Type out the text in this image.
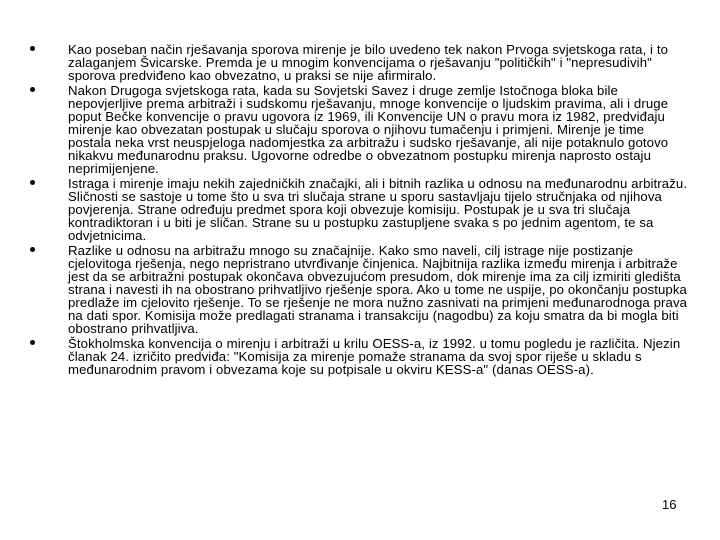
Kao poseban način rješavanja sporova mirenje je bilo uvedeno tek nakon Prvoga svjetskoga rata, i to zalaganjem Švicarske. Premda je u mnogim konvencijama o rješavanju "političkih" i "nepresudivih" sporova predviđeno kao obvezatno, u praksi se nije afirmiralo.
Nakon Drugoga svjetskoga rata, kada su Sovjetski Savez i druge zemlje Istočnoga bloka bile nepovjerljive prema arbitraži i sudskomu rješavanju, mnoge konvencije o ljudskim pravima, ali i druge poput Bečke konvencije o pravu ugovora iz 1969, ili Konvencije UN o pravu mora iz 1982, predviđaju mirenje kao obvezatan postupak u slučaju sporova o njihovu tumačenju i primjeni. Mirenje je time postala neka vrst neuspjeloga nadomjestka za arbitražu i sudsko rješavanje, ali nije potaknulo gotovo nikakvu međunarodnu praksu. Ugovorne odredbe o obvezatnom postupku mirenja naprosto ostaju neprimijenjene.
Istraga i mirenje imaju nekih zajedničkih značajki, ali i bitnih razlika u odnosu na međunarodnu arbitražu. Sličnosti se sastoje u tome što u sva tri slučaja strane u sporu sastavljaju tijelo stručnjaka od njihova povjerenja. Strane određuju predmet spora koji obvezuje komisiju. Postupak je u sva tri slučaja kontradiktoran i u biti je sličan. Strane su u postupku zastupljene svaka s po jednim agentom, te sa odvjetnicima.
Razlike u odnosu na arbitražu mnogo su značajnije. Kako smo naveli, cilj istrage nije postizanje cjelovitoga rješenja, nego nepristrano utvrđivanje činjenica. Najbitnija razlika između mirenja i arbitraže jest da se arbitražni postupak okončava obvezujućom presudom, dok mirenje ima za cilj izmiriti gledišta strana i navesti ih na obostrano prihvatljivo rješenje spora. Ako u tome ne uspije, po okončanju postupka predlaže im cjelovito rješenje. To se rješenje ne mora nužno zasnivati na primjeni međunarodnoga prava na dati spor. Komisija može predlagati stranama i transakciju (nagodbu) za koju smatra da bi mogla biti obostrano prihvatljiva.
Štokholmska konvencija o mirenju i arbitraži u krilu OESS-a, iz 1992. u tomu pogledu je različita. Njezin članak 24. izričito predviđa: "Komisija za mirenje pomaže stranama da svoj spor riješe u skladu s međunarodnim pravom i obvezama koje su potpisale u okviru KESS-a" (danas OESS-a).
16
